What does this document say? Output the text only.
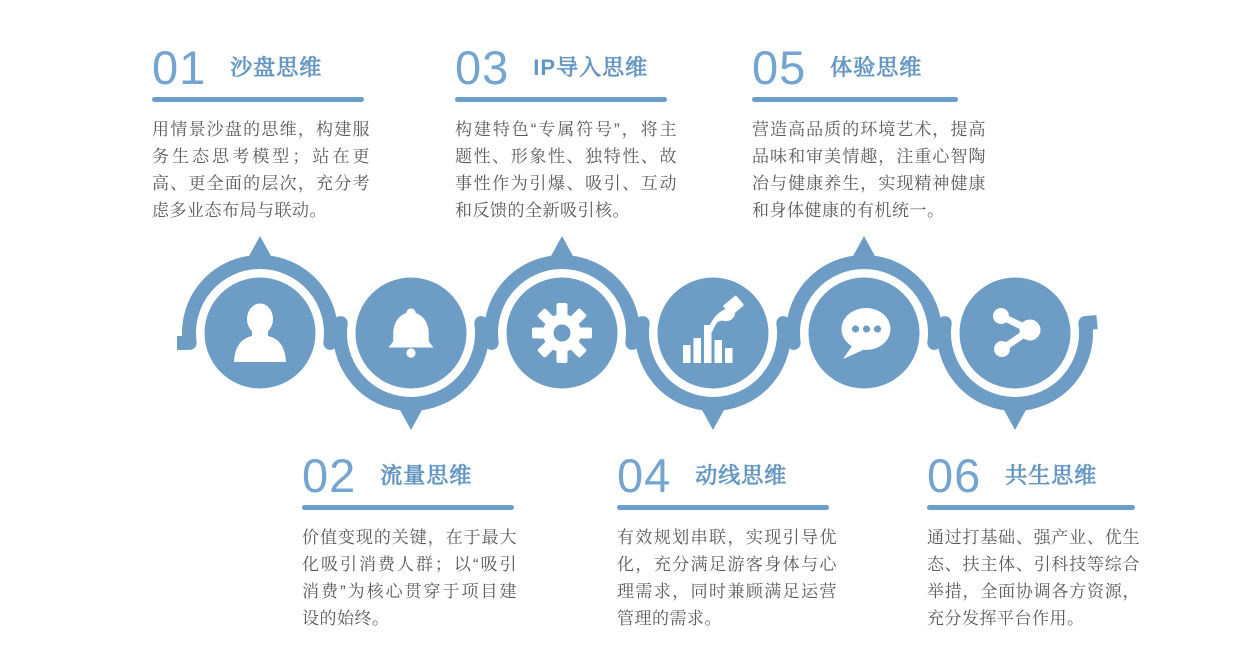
01 沙盘思维

用情景沙盘的思维，构建服务生态思考模型；站在更高、更全面的层次，充分考虑多业态布局与联动。

03 IP导入思维

构建特色“专属符号”，将主题性、形象性、独特性、故事性作为引爆、吸引、互动和反馈的全新吸引核。

05 体验思维

营造高品质的环境艺术，提高品味和审美情趣，注重心智陶冶与健康养生，实现精神健康和身体健康的有机统一。

02 流量思维

价值变现的关键，在于最大化吸引消费人群；以“吸引消费”为核心贯穿于项目建设的始终。

04 动线思维

有效规划串联，实现引导优化，充分满足游客身体与心理需求，同时兼顾满足运营管理的需求。

06 共生思维

通过打基础、强产业、优生态、扶主体、引科技等综合举措，全面协调各方资源，充分发挥平台作用。
